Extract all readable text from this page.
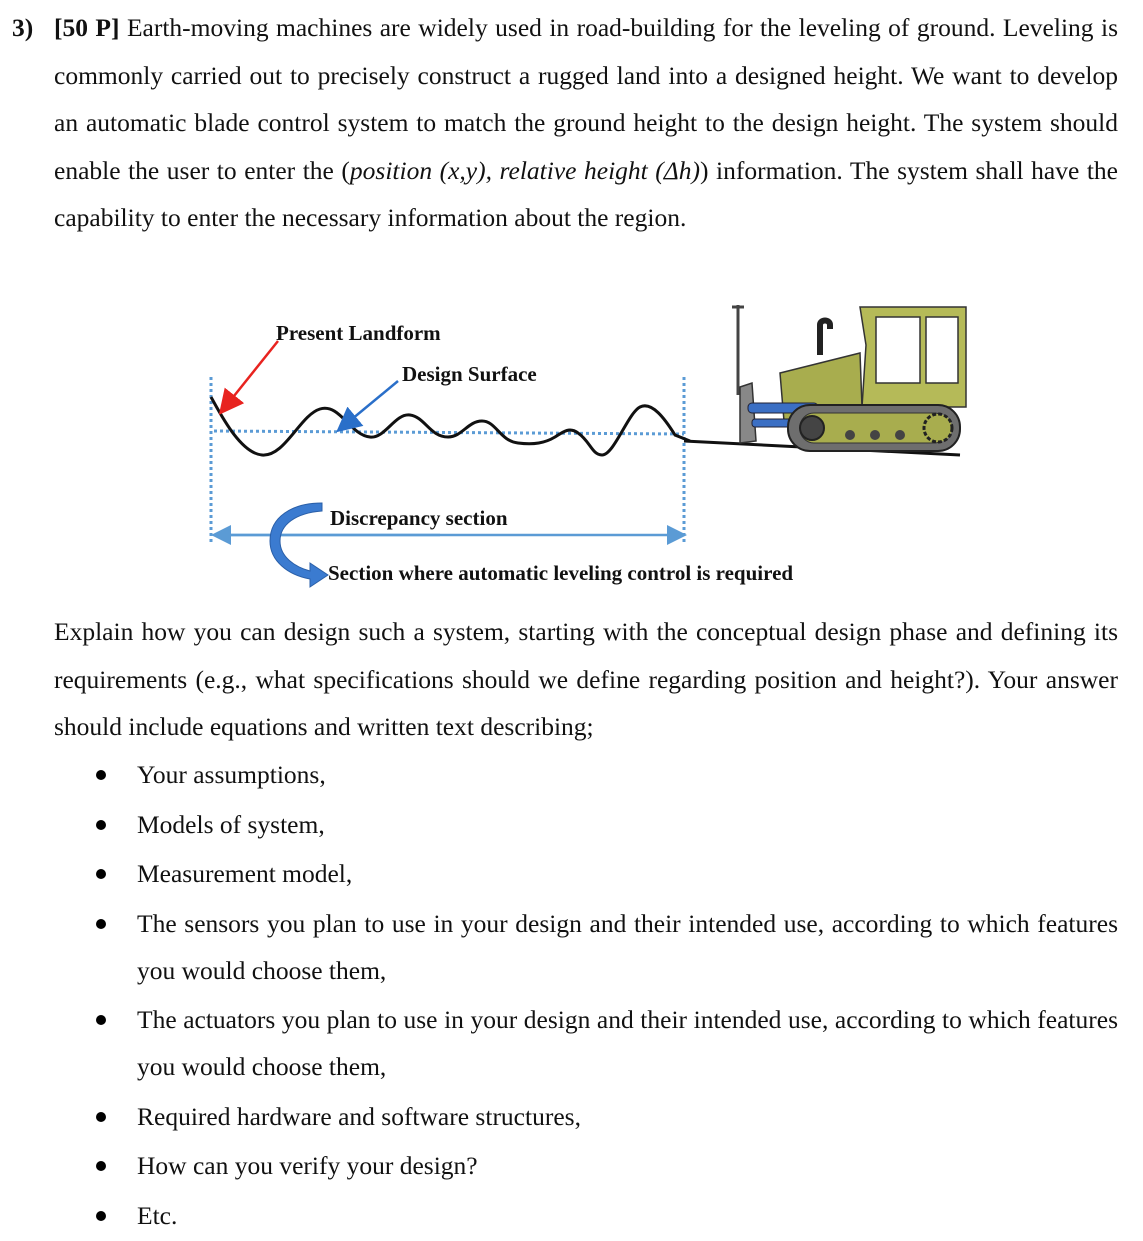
3) [50 P] Earth-moving machines are widely used in road-building for the leveling of ground. Leveling is commonly carried out to precisely construct a rugged land into a designed height. We want to develop an automatic blade control system to match the ground height to the design height. The system should enable the user to enter the (position (x,y), relative height (Δh)) information. The system shall have the capability to enter the necessary information about the region.
Present Landform
Design Surface
Discrepancy section
Section where automatic leveling control is required
Explain how you can design such a system, starting with the conceptual design phase and defining its requirements (e.g., what specifications should we define regarding position and height?). Your answer should include equations and written text describing;
Your assumptions,
Models of system,
Measurement model,
The sensors you plan to use in your design and their intended use, according to which features you would choose them,
The actuators you plan to use in your design and their intended use, according to which features you would choose them,
Required hardware and software structures,
How can you verify your design?
Etc.
